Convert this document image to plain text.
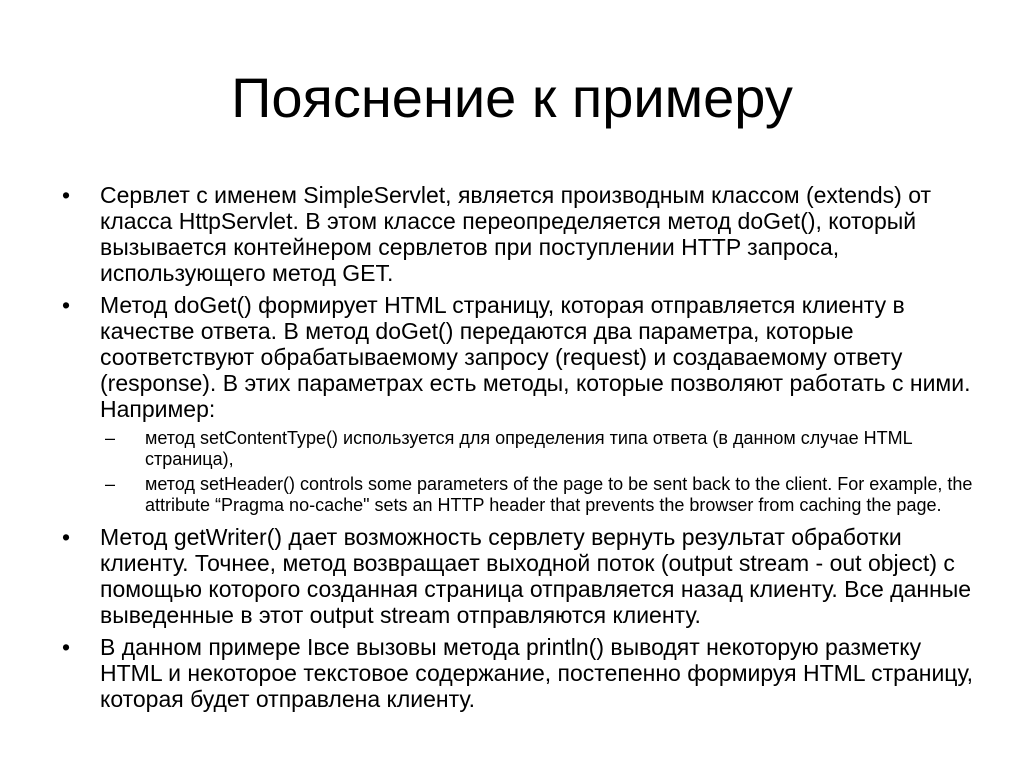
Пояснение к примеру
•	Сервлет с именем SimpleServlet, является производным классом (extends) от класса HttpServlet. В этом классе переопределяется метод doGet(), который вызывается контейнером сервлетов при поступлении HTTP запроса, использующего метод GET.
•	Метод doGet() формирует HTML страницу, которая отправляется клиенту в качестве ответа. В метод doGet() передаются два параметра, которые соответствуют обрабатываемому запросу (request) и создаваемому ответу (response). В этих параметрах есть методы, которые позволяют работать с ними. Например:
–	метод setContentType() используется для определения типа ответа (в данном случае HTML страница),
–	метод setHeader() controls some parameters of the page to be sent back to the client. For example, the attribute “Pragma no-cache" sets an HTTP header that prevents the browser from caching the page.
•	Метод getWriter() дает возможность сервлету вернуть результат обработки клиенту. Точнее, метод возвращает выходной поток (output stream - out object) с помощью которого созданная страница отправляется назад клиенту. Все данные выведенные в этот output stream отправляются клиенту.
•	В данном примере Iвсе вызовы метода println() выводят некоторую разметку HTML и некоторое текстовое содержание, постепенно формируя HTML страницу, которая будет отправлена клиенту.
